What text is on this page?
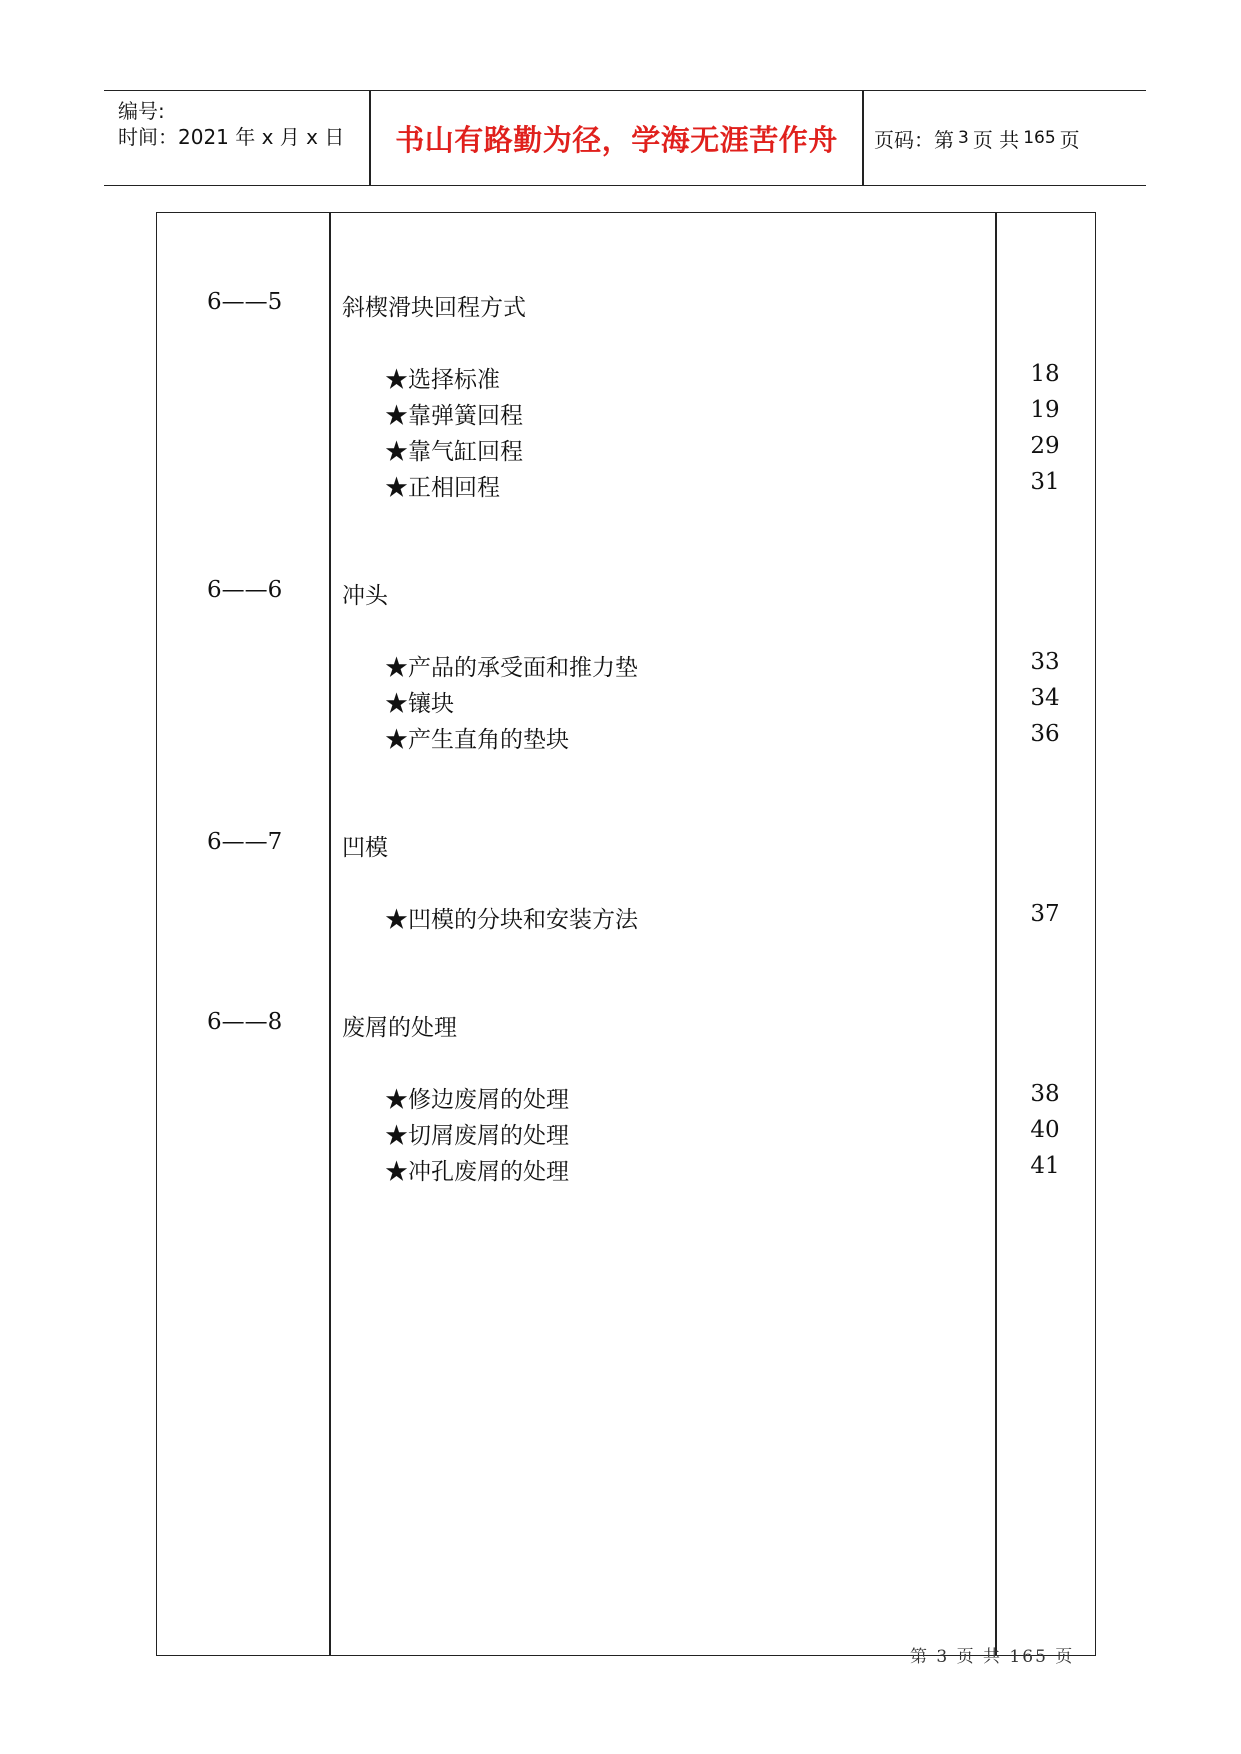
编号:
时间：2021 年 x 月 x 日	书山有路勤为径，学海无涯苦作舟	页码：第 3 页 共 165 页
6——5	斜楔滑块回程方式
★选择标准	18
★靠弹簧回程	19
★靠气缸回程	29
★正相回程	31
6——6	冲头
★产品的承受面和推力垫	33
★镶块	34
★产生直角的垫块	36
6——7	凹模
★凹模的分块和安装方法	37
6——8	废屑的处理
★修边废屑的处理	38
★切屑废屑的处理	40
★冲孔废屑的处理	41
第 3 页 共 165 页
